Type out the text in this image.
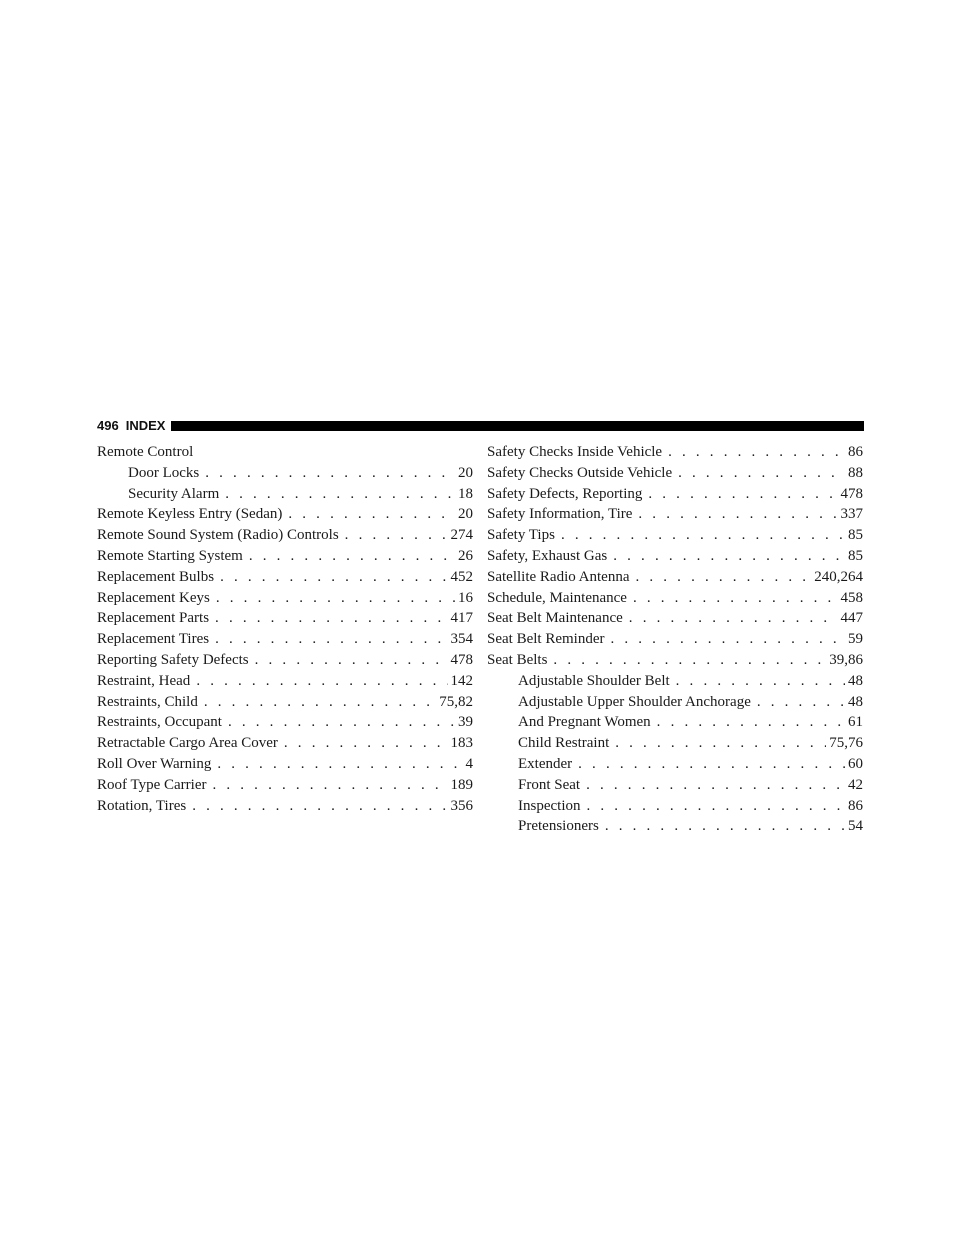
496 INDEX
Remote Control
Door Locks . . .	20
Security Alarm . . .	18
Remote Keyless Entry (Sedan) . . .	20
Remote Sound System (Radio) Controls . . .	274
Remote Starting System . . .	26
Replacement Bulbs . . .	452
Replacement Keys . . .	16
Replacement Parts . . .	417
Replacement Tires . . .	354
Reporting Safety Defects . . .	478
Restraint, Head . . .	142
Restraints, Child . . .	75,82
Restraints, Occupant . . .	39
Retractable Cargo Area Cover . . .	183
Roll Over Warning . . .	4
Roof Type Carrier . . .	189
Rotation, Tires . . .	356
Safety Checks Inside Vehicle . . .	86
Safety Checks Outside Vehicle . . .	88
Safety Defects, Reporting . . .	478
Safety Information, Tire . . .	337
Safety Tips . . .	85
Safety, Exhaust Gas . . .	85
Satellite Radio Antenna . . .	240,264
Schedule, Maintenance . . .	458
Seat Belt Maintenance . . .	447
Seat Belt Reminder . . .	59
Seat Belts . . .	39,86
Adjustable Shoulder Belt . . .	48
Adjustable Upper Shoulder Anchorage . . .	48
And Pregnant Women . . .	61
Child Restraint . . .	75,76
Extender . . .	60
Front Seat . . .	42
Inspection . . .	86
Pretensioners . . .	54
